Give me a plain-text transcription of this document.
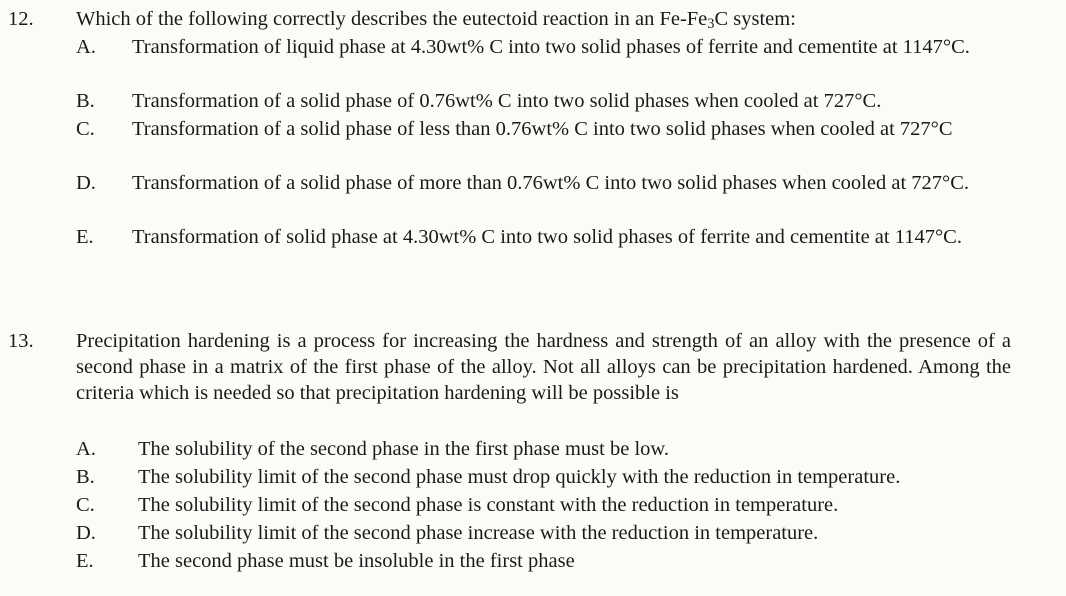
12. Which of the following correctly describes the eutectoid reaction in an $Fe-Fe_3C$ system:
A. Transformation of liquid phase at 4.30wt% C into two solid phases of ferrite and cementite at 1147°C.
B. Transformation of a solid phase of 0.76wt% C into two solid phases when cooled at 727°C.
C. Transformation of a solid phase of less than 0.76wt% C into two solid phases when cooled at 727°C
D. Transformation of a solid phase of more than 0.76wt% C into two solid phases when cooled at 727°C.
E. Transformation of solid phase at 4.30wt% C into two solid phases of ferrite and cementite at 1147°C.
13. Precipitation hardening is a process for increasing the hardness and strength of an alloy with the presence of a second phase in a matrix of the first phase of the alloy. Not all alloys can be precipitation hardened. Among the criteria which is needed so that precipitation hardening will be possible is
A. The solubility of the second phase in the first phase must be low.
B. The solubility limit of the second phase must drop quickly with the reduction in temperature.
C. The solubility limit of the second phase is constant with the reduction in temperature.
D. The solubility limit of the second phase increase with the reduction in temperature.
E. The second phase must be insoluble in the first phase
